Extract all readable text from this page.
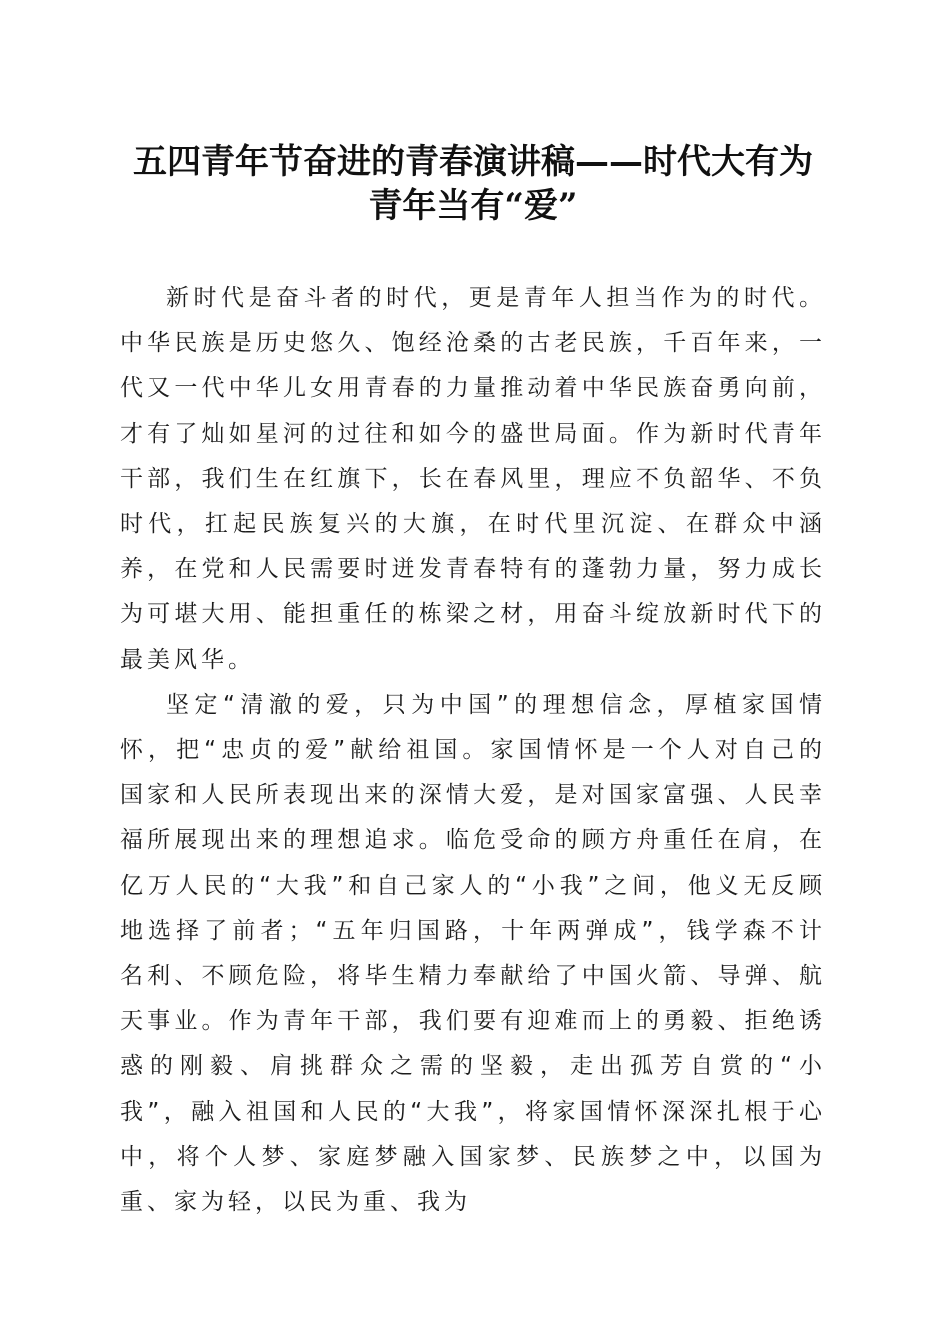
五四青年节奋进的青春演讲稿——时代大有为
青年当有“爱”

新时代是奋斗者的时代，更是青年人担当作为的时代。中华民族是历史悠久、饱经沧桑的古老民族，千百年来，一代又一代中华儿女用青春的力量推动着中华民族奋勇向前，才有了灿如星河的过往和如今的盛世局面。作为新时代青年干部，我们生在红旗下，长在春风里，理应不负韶华、不负时代，扛起民族复兴的大旗，在时代里沉淀、在群众中涵养，在党和人民需要时迸发青春特有的蓬勃力量，努力成长为可堪大用、能担重任的栋梁之材，用奋斗绽放新时代下的最美风华。

坚定“清澈的爱，只为中国”的理想信念，厚植家国情怀，把“忠贞的爱”献给祖国。家国情怀是一个人对自己的国家和人民所表现出来的深情大爱，是对国家富强、人民幸福所展现出来的理想追求。临危受命的顾方舟重任在肩，在亿万人民的“大我”和自己家人的“小我”之间，他义无反顾地选择了前者；“五年归国路，十年两弹成”，钱学森不计名利、不顾危险，将毕生精力奉献给了中国火箭、导弹、航天事业。作为青年干部，我们要有迎难而上的勇毅、拒绝诱惑的刚毅、肩挑群众之需的坚毅，走出孤芳自赏的“小我”，融入祖国和人民的“大我”，将家国情怀深深扎根于心中，将个人梦、家庭梦融入国家梦、民族梦之中，以国为重、家为轻，以民为重、我为
